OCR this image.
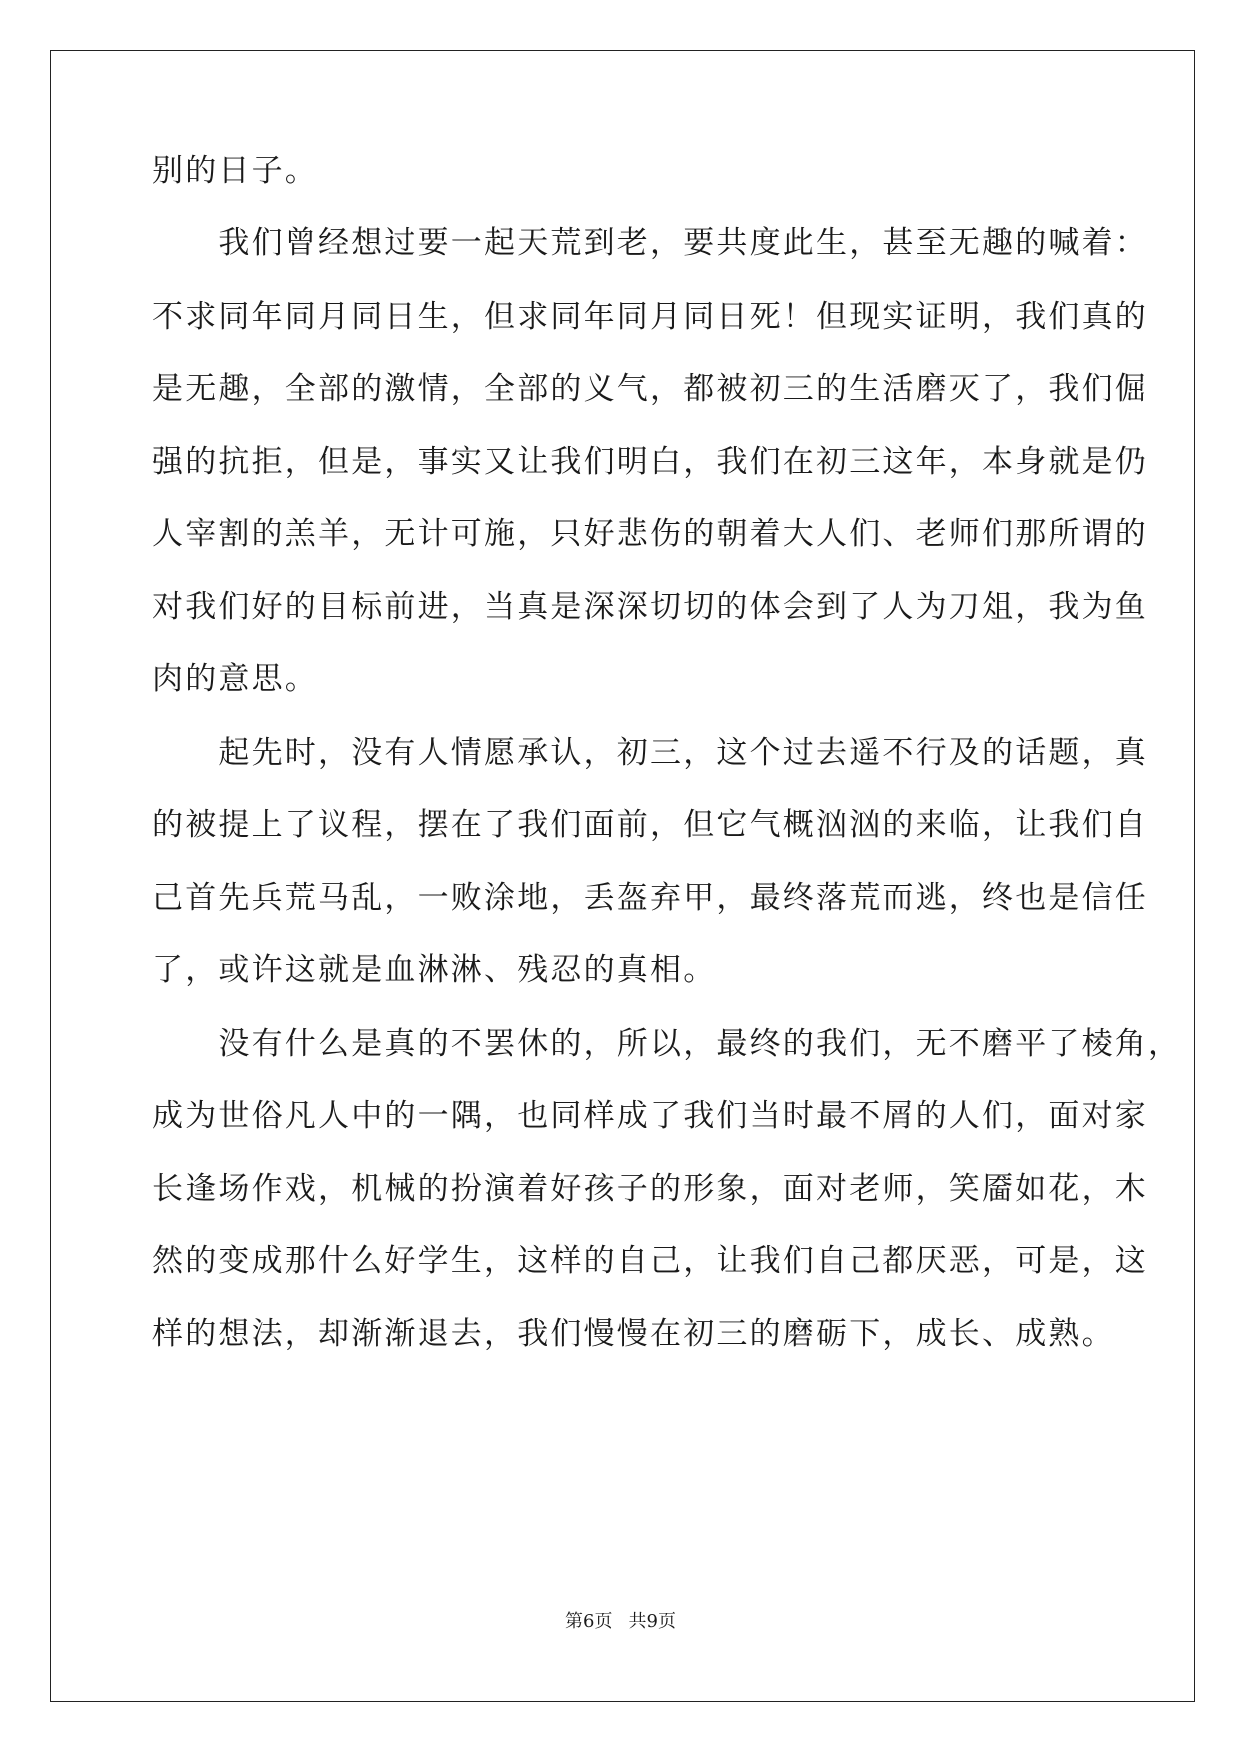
别的日子。
　　我们曾经想过要一起天荒到老，要共度此生，甚至无趣的喊着：
不求同年同月同日生，但求同年同月同日死！但现实证明，我们真的
是无趣，全部的激情，全部的义气，都被初三的生活磨灭了，我们倔
强的抗拒，但是，事实又让我们明白，我们在初三这年，本身就是仍
人宰割的羔羊，无计可施，只好悲伤的朝着大人们、老师们那所谓的
对我们好的目标前进，当真是深深切切的体会到了人为刀俎，我为鱼
肉的意思。
　　起先时，没有人情愿承认，初三，这个过去遥不行及的话题，真
的被提上了议程，摆在了我们面前，但它气概汹汹的来临，让我们自
己首先兵荒马乱，一败涂地，丢盔弃甲，最终落荒而逃，终也是信任
了，或许这就是血淋淋、残忍的真相。
　　没有什么是真的不罢休的，所以，最终的我们，无不磨平了棱角，
成为世俗凡人中的一隅，也同样成了我们当时最不屑的人们，面对家
长逢场作戏，机械的扮演着好孩子的形象，面对老师，笑靥如花，木
然的变成那什么好学生，这样的自己，让我们自己都厌恶，可是，这
样的想法，却渐渐退去，我们慢慢在初三的磨砺下，成长、成熟。
第6页 共9页
